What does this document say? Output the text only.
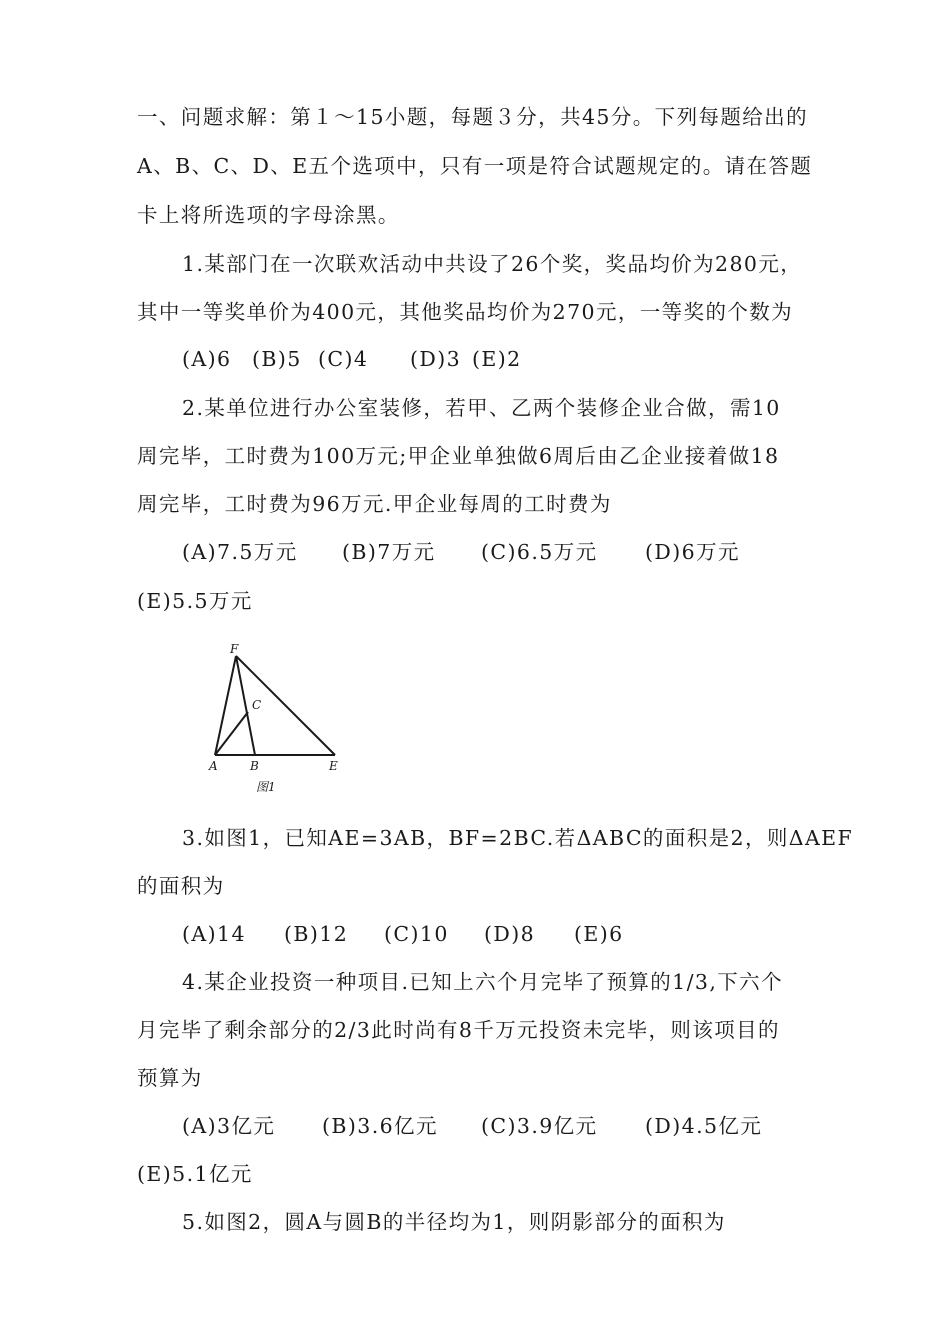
一、问题求解：第１～15小题，每题３分，共45分。下列每题给出的
A、B、C、D、E五个选项中，只有一项是符合试题规定的。请在答题
卡上将所选项的字母涂黑。
1.某部门在一次联欢活动中共设了26个奖，奖品均价为280元，
其中一等奖单价为400元，其他奖品均价为270元，一等奖的个数为
(A)6 (B)5 (C)4 (D)3 (E)2
2.某单位进行办公室装修，若甲、乙两个装修企业合做，需10
周完毕，工时费为100万元;甲企业单独做6周后由乙企业接着做18
周完毕，工时费为96万元.甲企业每周的工时费为
(A)7.5万元 (B)7万元 (C)6.5万元 (D)6万元
(E)5.5万元
F
C
A	B	E
图1
3.如图1，已知AE=3AB，BF=2BC.若ΔABC的面积是2，则ΔAEF
的面积为
(A)14 (B)12 (C)10 (D)8 (E)6
4.某企业投资一种项目.已知上六个月完毕了预算的1/3,下六个
月完毕了剩余部分的2/3此时尚有8千万元投资未完毕，则该项目的
预算为
(A)3亿元 (B)3.6亿元 (C)3.9亿元 (D)4.5亿元
(E)5.1亿元
5.如图2，圆A与圆B的半径均为1，则阴影部分的面积为
